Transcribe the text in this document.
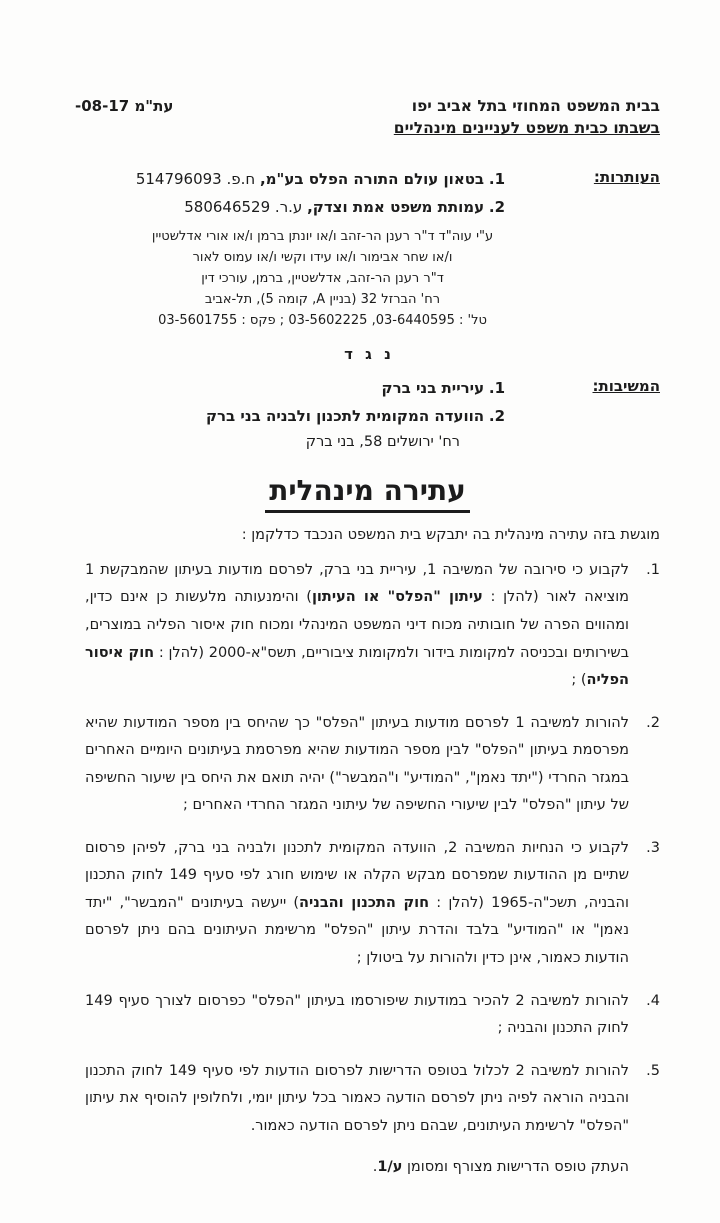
בבית המשפט המחוזי בתל אביב יפו
בשבתו כבית משפט לעניינים מינהליים
עת"מ -08-17
העותרות:
1. בטאון עולם התורה הפלס בע"מ, ח.פ. 514796093
2. עמותת משפט אמת וצדק, ע.ר. 580646529
ע"י עוה"ד ד"ר רענן הר-זהב ו/או יונתן ברמן ו/או אורי אדלשטיין
ו/או שחר אבימור ו/או עידו וקשי ו/או עמוס לאור
ד"ר רענן הר-זהב, אדלשטיין, ברמן, עורכי דין
רח' הברזל 32 (בניין A, קומה 5), תל-אביב
טל' : 03-6440595, 03-5602225 ; פקס : 03-5601755
נ ג ד
המשיבות:
1. עיריית בני ברק
2. הוועדה המקומית לתכנון ולבניה בני ברק
רח' ירושלים 58, בני ברק
עתירה מינהלית
מוגשת בזה עתירה מינהלית בה יתבקש בית המשפט הנכבד כדלקמן :
1.
לקבוע כי סירובה של המשיבה 1, עיריית בני ברק, לפרסם מודעות בעיתון שהמבקשת 1 מוציאה לאור (להלן : עיתון "הפלס" או העיתון) והימנעותה מלעשות כן אינם כדין, ומהווים הפרה של חובותיה מכוח דיני המשפט המינהלי ומכוח חוק איסור הפליה במוצרים, בשירותים ובכניסה למקומות בידור ולמקומות ציבוריים, תשס"א-2000 (להלן : חוק איסור הפליה) ;
2.
להורות למשיבה 1 לפרסם מודעות בעיתון "הפלס" כך שהיחס בין מספר המודעות שהיא מפרסמת בעיתון "הפלס" לבין מספר המודעות שהיא מפרסמת בעיתונים היומיים האחרים במגזר החרדי ("יתד נאמן", "המודיע" ו"המבשר") יהיה תואם את היחס בין שיעור החשיפה של עיתון "הפלס" לבין שיעורי החשיפה של עיתוני המגזר החרדי האחרים ;
3.
לקבוע כי הנחיות המשיבה 2, הוועדה המקומית לתכנון ולבניה בני ברק, לפיהן פרסום שתיים מן ההודעות שמפרסם מבקש הקלה או שימוש חורג לפי סעיף 149 לחוק התכנון והבניה, תשכ"ה-1965 (להלן : חוק התכנון והבניה) ייעשה בעיתונים "המבשר", "יתד נאמן" או "המודיע" בלבד והדרת עיתון "הפלס" מרשימת העיתונים בהם ניתן לפרסם הודעות כאמור, אינן כדין ולהורות על ביטולן ;
4.
להורות למשיבה 2 להכיר במודעות שיפורסמו בעיתון "הפלס" כפרסום לצורך סעיף 149 לחוק התכנון והבניה ;
5.
להורות למשיבה 2 לכלול בטופס הדרישות לפרסום הודעות לפי סעיף 149 לחוק התכנון והבניה הוראה לפיה ניתן לפרסם הודעה כאמור בכל עיתון יומי, ולחלופין להוסיף את עיתון "הפלס" לרשימת העיתונים, שבהם ניתן לפרסם הודעה כאמור.
העתק טופס הדרישות מצורף ומסומן ע/1.
